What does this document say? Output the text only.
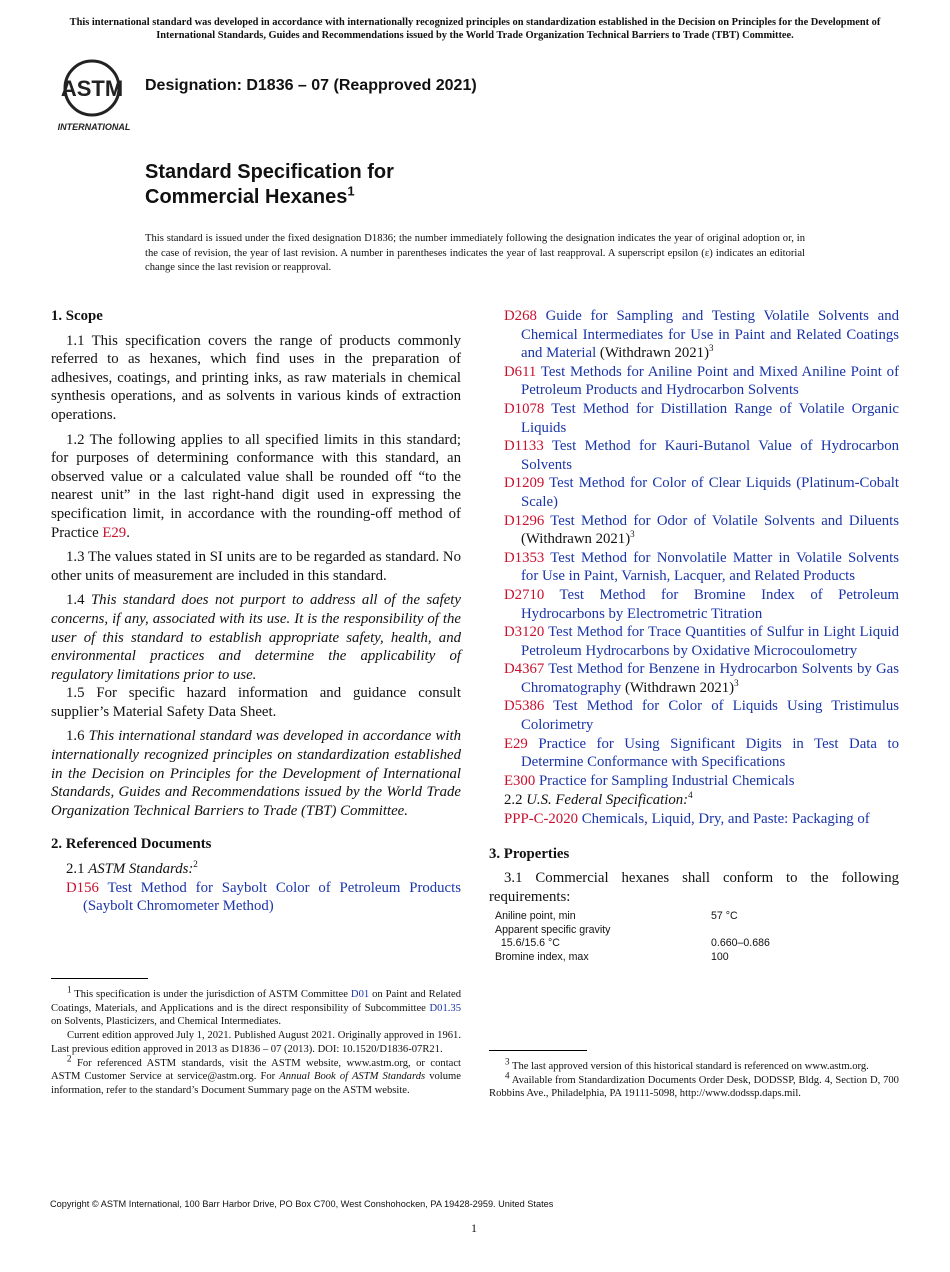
This international standard was developed in accordance with internationally recognized principles on standardization established in the Decision on Principles for the Development of International Standards, Guides and Recommendations issued by the World Trade Organization Technical Barriers to Trade (TBT) Committee.
ASTM
INTERNATIONAL
Designation: D1836 – 07 (Reapproved 2021)
Standard Specification for
Commercial Hexanes$^1$
This standard is issued under the fixed designation D1836; the number immediately following the designation indicates the year of original adoption or, in the case of revision, the year of last revision. A number in parentheses indicates the year of last reapproval. A superscript epsilon (ε) indicates an editorial change since the last revision or reapproval.
1. Scope

1.1 This specification covers the range of products commonly referred to as hexanes, which find uses in the preparation of adhesives, coatings, and printing inks, as raw materials in chemical synthesis operations, and as solvents in various kinds of extraction operations.

1.2 The following applies to all specified limits in this standard; for purposes of determining conformance with this standard, an observed value or a calculated value shall be rounded off “to the nearest unit” in the last right-hand digit used in expressing the specification limit, in accordance with the rounding-off method of Practice E29.

1.3 The values stated in SI units are to be regarded as standard. No other units of measurement are included in this standard.

1.4 This standard does not purport to address all of the safety concerns, if any, associated with its use. It is the responsibility of the user of this standard to establish appropriate safety, health, and environmental practices and determine the applicability of regulatory limitations prior to use.

1.5 For specific hazard information and guidance consult supplier’s Material Safety Data Sheet.

1.6 This international standard was developed in accordance with internationally recognized principles on standardization established in the Decision on Principles for the Development of International Standards, Guides and Recommendations issued by the World Trade Organization Technical Barriers to Trade (TBT) Committee.

2. Referenced Documents

2.1 ASTM Standards:$^2$

D156 Test Method for Saybolt Color of Petroleum Products (Saybolt Chromometer Method)

$^1$ This specification is under the jurisdiction of ASTM Committee D01 on Paint and Related Coatings, Materials, and Applications and is the direct responsibility of Subcommittee D01.35 on Solvents, Plasticizers, and Chemical Intermediates.

Current edition approved July 1, 2021. Published August 2021. Originally approved in 1961. Last previous edition approved in 2013 as D1836 – 07 (2013). DOI: 10.1520/D1836-07R21.

$^2$ For referenced ASTM standards, visit the ASTM website, www.astm.org, or contact ASTM Customer Service at service@astm.org. For Annual Book of ASTM Standards volume information, refer to the standard’s Document Summary page on the ASTM website.

D268 Guide for Sampling and Testing Volatile Solvents and Chemical Intermediates for Use in Paint and Related Coatings and Material (Withdrawn 2021)$^3$

D611 Test Methods for Aniline Point and Mixed Aniline Point of Petroleum Products and Hydrocarbon Solvents

D1078 Test Method for Distillation Range of Volatile Organic Liquids

D1133 Test Method for Kauri-Butanol Value of Hydrocarbon Solvents

D1209 Test Method for Color of Clear Liquids (Platinum-Cobalt Scale)

D1296 Test Method for Odor of Volatile Solvents and Diluents (Withdrawn 2021)$^3$

D1353 Test Method for Nonvolatile Matter in Volatile Solvents for Use in Paint, Varnish, Lacquer, and Related Products

D2710 Test Method for Bromine Index of Petroleum Hydrocarbons by Electrometric Titration

D3120 Test Method for Trace Quantities of Sulfur in Light Liquid Petroleum Hydrocarbons by Oxidative Microcoulometry

D4367 Test Method for Benzene in Hydrocarbon Solvents by Gas Chromatography (Withdrawn 2021)$^3$

D5386 Test Method for Color of Liquids Using Tristimulus Colorimetry

E29 Practice for Using Significant Digits in Test Data to Determine Conformance with Specifications

E300 Practice for Sampling Industrial Chemicals

2.2 U.S. Federal Specification:$^4$

PPP-C-2020 Chemicals, Liquid, Dry, and Paste: Packaging of

3. Properties

3.1 Commercial hexanes shall conform to the following requirements:

Aniline point, min	57 °C
Apparent specific gravity
15.6/15.6 °C	0.660–0.686
Bromine index, max	100

$^3$ The last approved version of this historical standard is referenced on www.astm.org.

$^4$ Available from Standardization Documents Order Desk, DODSSP, Bldg. 4, Section D, 700 Robbins Ave., Philadelphia, PA 19111-5098, http://www.dodssp.daps.mil.

Copyright © ASTM International, 100 Barr Harbor Drive, PO Box C700, West Conshohocken, PA 19428-2959. United States
1
